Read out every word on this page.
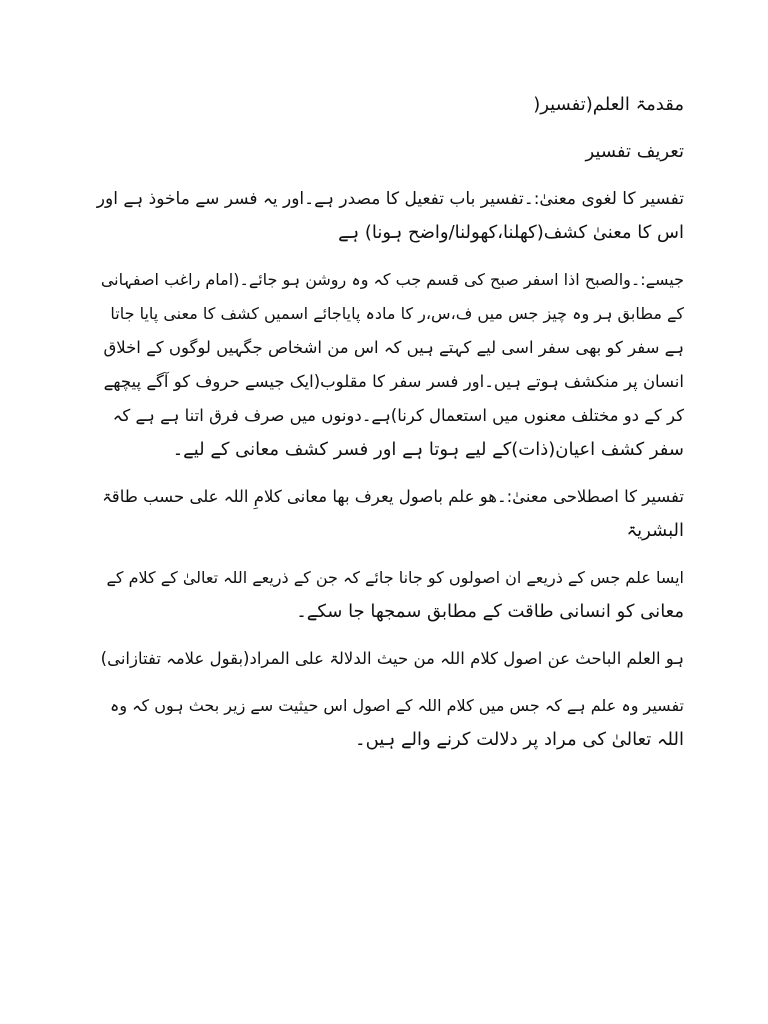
مقدمۃ العلم(تفسیر(

تعریف تفسیر

تفسیر کا لغوی معنیٰ:۔تفسیر باب تفعیل کا مصدر ہے۔اور یہ فسر سے ماخوذ ہے اور
اس کا معنیٰ کشف(کھلنا،کھولنا/واضح ہونا) ہے

جیسے:۔والصبح اذا اسفر صبح کی قسم جب کہ وہ روشن ہو جائے۔(امام راغب اصفہانی
کے مطابق ہر وہ چیز جس میں ف،س،ر کا مادہ پایاجائے اسمیں کشف کا معنی پایا جاتا
ہے سفر کو بھی سفر اسی لیے کہتے ہیں کہ اس من اشخاص جگہیں لوگوں کے اخلاق
انسان پر منکشف ہوتے ہیں۔اور فسر سفر کا مقلوب(ایک جیسے حروف کو آگے پیچھے
کر کے دو مختلف معنوں میں استعمال کرنا)ہے۔دونوں میں صرف فرق اتنا ہے ہے کہ
سفر کشف اعیان(ذات)کے لیے ہوتا ہے اور فسر کشف معانی کے لیے۔

تفسیر کا اصطلاحی معنیٰ:۔ھو علم باصول یعرف بھا معانی کلامِ اللہ علی حسب طاقۃ
البشریۃ

ایسا علم جس کے ذریعے ان اصولوں کو جانا جائے کہ جن کے ذریعے اللہ تعالیٰ کے کلام کے
معانی کو انسانی طاقت کے مطابق سمجھا جا سکے۔

ہو العلم الباحث عن اصول کلام اللہ من حیث الدلالۃ علی المراد(بقول علامہ تفتازانی)

تفسیر وہ علم ہے کہ جس میں کلام اللہ کے اصول اس حیثیت سے زیر بحث ہوں کہ وہ
اللہ تعالیٰ کی مراد پر دلالت کرنے والے ہیں۔
